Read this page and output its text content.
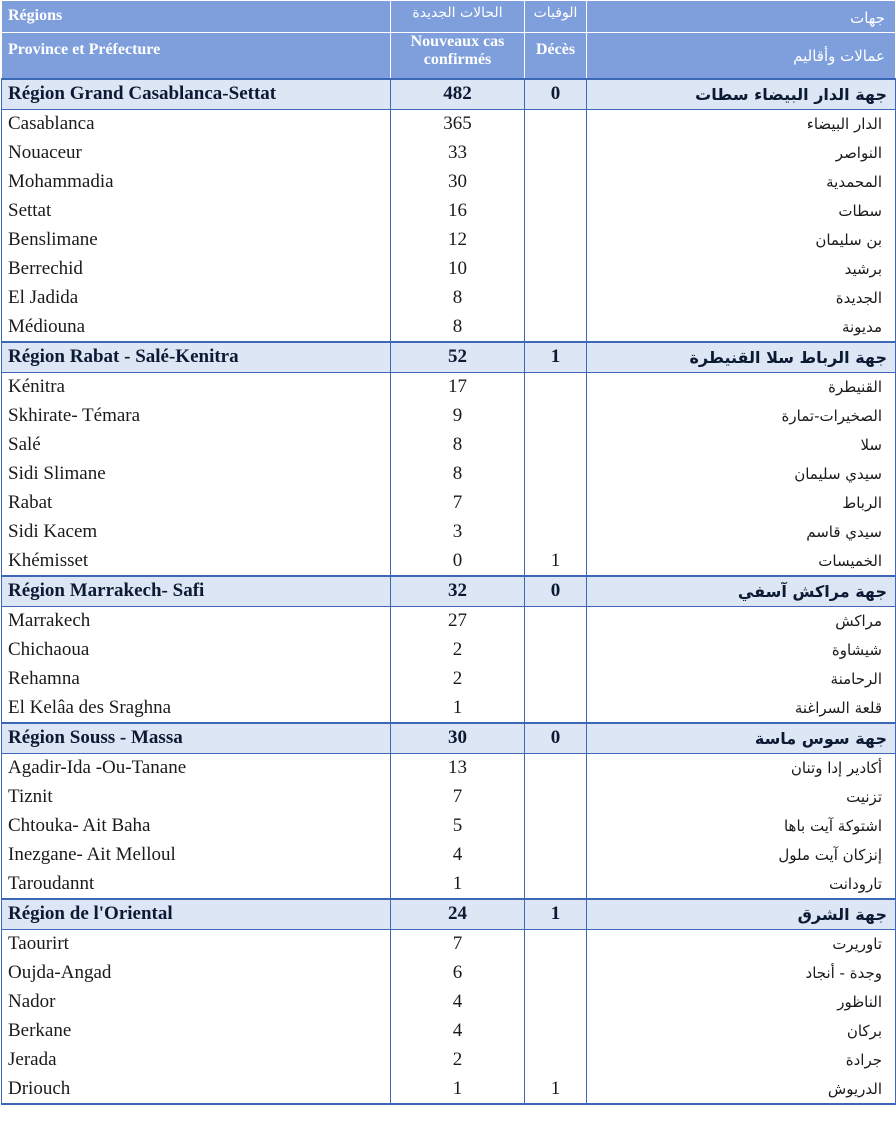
Régions	الحالات الجديدة	الوفيات	جهات
Province et Préfecture	Nouveaux cas confirmés	Décès	عمالات وأقاليم
Région Grand Casablanca-Settat	482	0	جهة الدار البيضاء سطات
Casablanca	365		الدار البيضاء
Nouaceur	33		النواصر
Mohammadia	30		المحمدية
Settat	16		سطات
Benslimane	12		بن سليمان
Berrechid	10		برشيد
El Jadida	8		الجديدة
Médiouna	8		مديونة
Région Rabat - Salé-Kenitra	52	1	جهة الرباط سلا القنيطرة
Kénitra	17		القنيطرة
Skhirate- Témara	9		الصخيرات-تمارة
Salé	8		سلا
Sidi Slimane	8		سيدي سليمان
Rabat	7		الرباط
Sidi Kacem	3		سيدي قاسم
Khémisset	0	1	الخميسات
Région Marrakech- Safi	32	0	جهة مراكش آسفي
Marrakech	27		مراكش
Chichaoua	2		شيشاوة
Rehamna	2		الرحامنة
El Kelâa des Sraghna	1		قلعة السراغنة
Région Souss - Massa	30	0	جهة سوس ماسة
Agadir-Ida -Ou-Tanane	13		أكادير إدا وتنان
Tiznit	7		تزنيت
Chtouka- Ait Baha	5		اشتوكة آيت باها
Inezgane- Ait Melloul	4		إنزكان آيت ملول
Taroudannt	1		تارودانت
Région de l'Oriental	24	1	جهة الشرق
Taourirt	7		تاوريرت
Oujda-Angad	6		وجدة - أنجاد
Nador	4		الناظور
Berkane	4		بركان
Jerada	2		جرادة
Driouch	1	1	الدريوش
